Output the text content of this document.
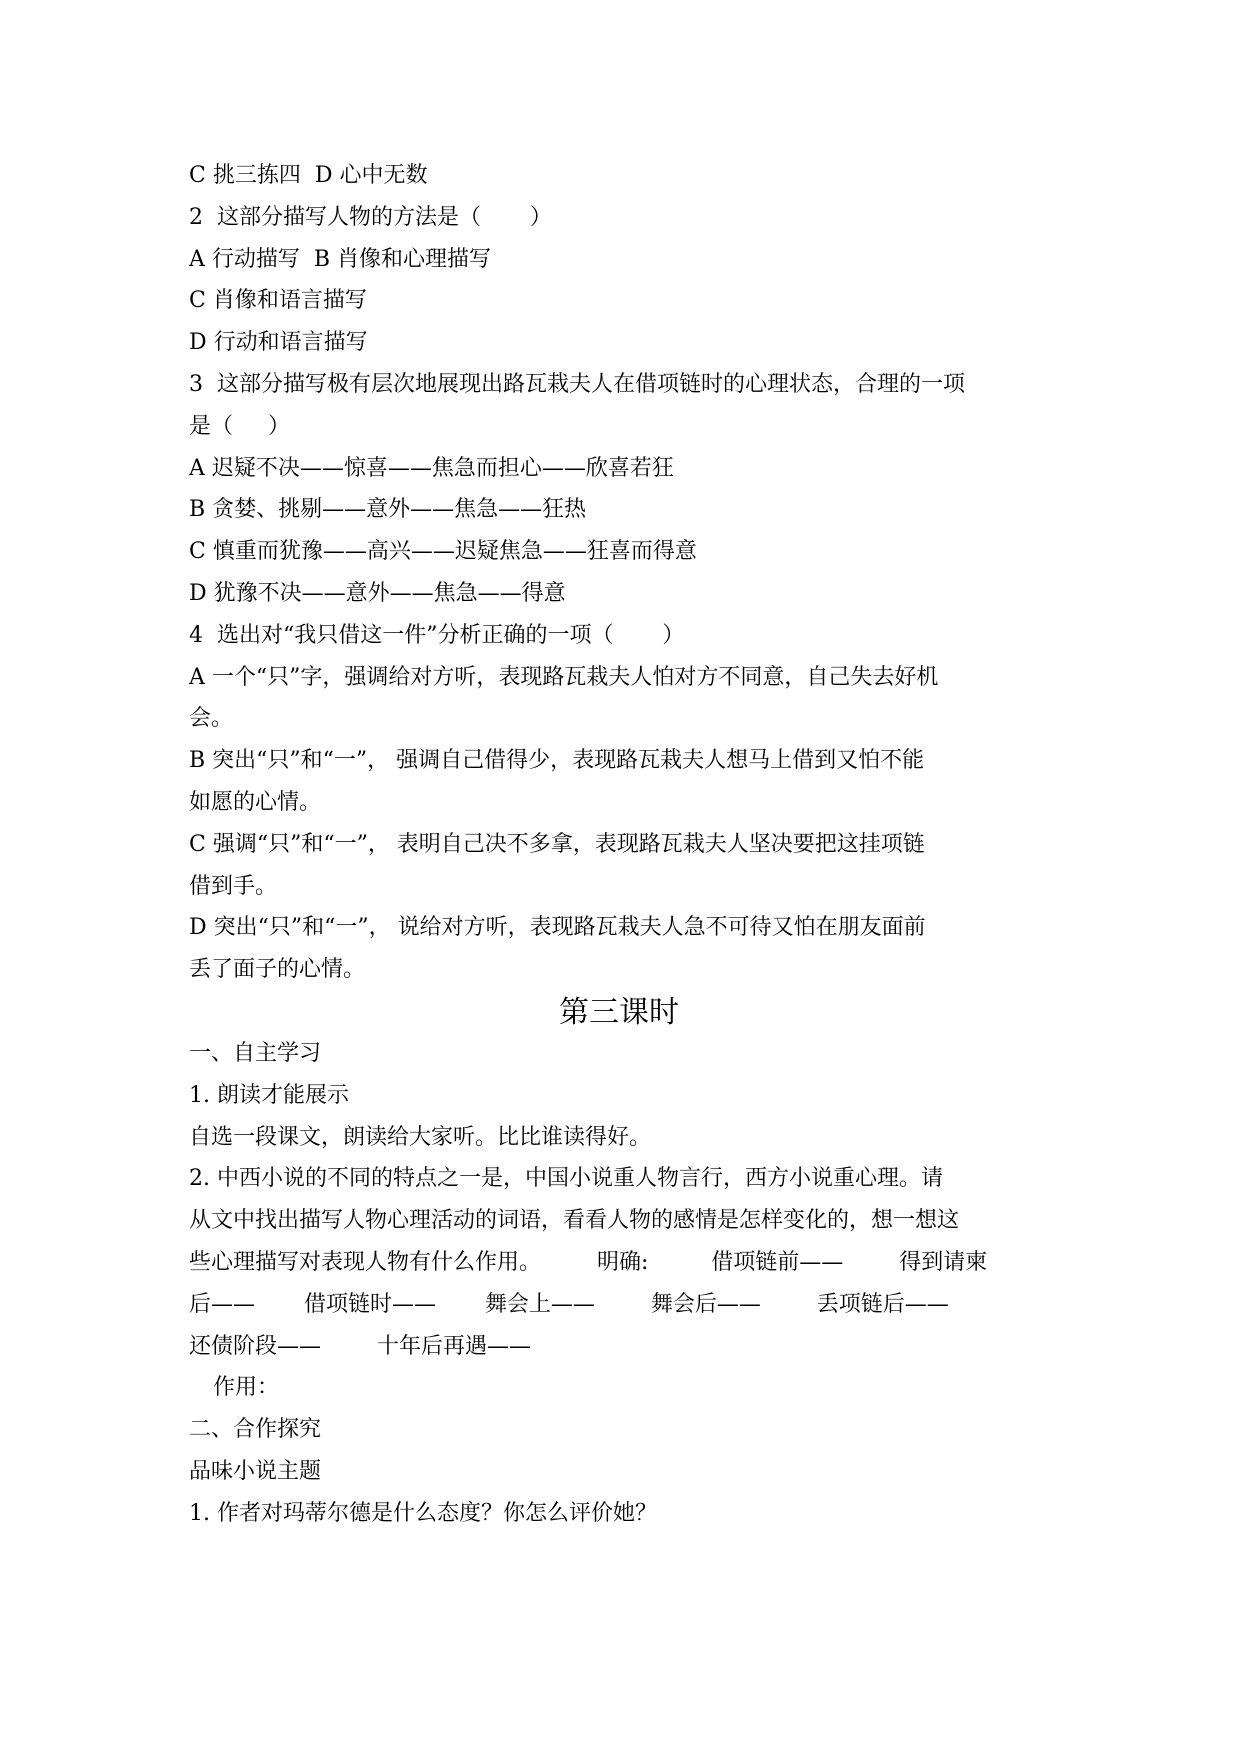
C 挑三拣四  D 心中无数
2  这部分描写人物的方法是（       ）
A 行动描写  B 肖像和心理描写
C 肖像和语言描写
D 行动和语言描写
3  这部分描写极有层次地展现出路瓦栽夫人在借项链时的心理状态，合理的一项
是（     ）
A 迟疑不决——惊喜——焦急而担心——欣喜若狂
B 贪婪、挑剔——意外——焦急——狂热
C 慎重而犹豫——高兴——迟疑焦急——狂喜而得意
D 犹豫不决——意外——焦急——得意
4  选出对“我只借这一件”分析正确的一项（       ）
A 一个“只”字，强调给对方听，表现路瓦栽夫人怕对方不同意，自己失去好机
会。
B 突出“只”和“一”， 强调自己借得少，表现路瓦栽夫人想马上借到又怕不能
如愿的心情。
C 强调“只”和“一”， 表明自己决不多拿，表现路瓦栽夫人坚决要把这挂项链
借到手。
D 突出“只”和“一”， 说给对方听，表现路瓦栽夫人急不可待又怕在朋友面前
丢了面子的心情。
第三课时
一、自主学习
1. 朗读才能展示
自选一段课文，朗读给大家听。比比谁读得好。
2. 中西小说的不同的特点之一是，中国小说重人物言行，西方小说重心理。请
从文中找出描写人物心理活动的词语，看看人物的感情是怎样变化的，想一想这
些心理描写对表现人物有什么作用。        明确:         借项链前——        得到请柬
后——       借项链时——       舞会上——        舞会后——        丢项链后——
还债阶段——        十年后再遇——
作用：
二、合作探究
品味小说主题
1. 作者对玛蒂尔德是什么态度？你怎么评价她？
